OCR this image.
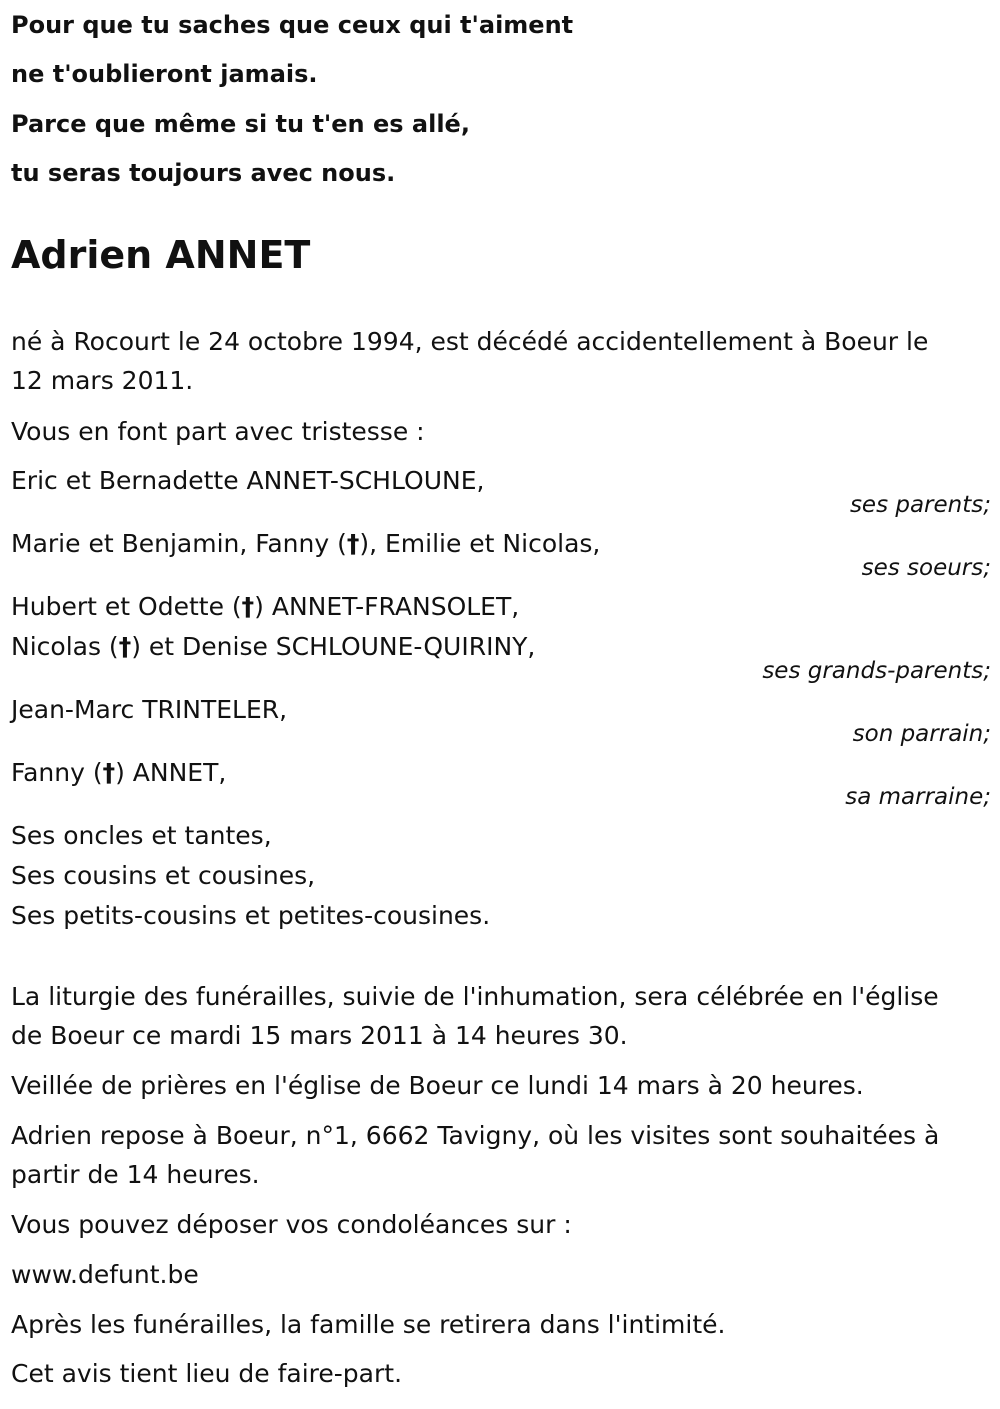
Pour que tu saches que ceux qui t'aiment
ne t'oublieront jamais.
Parce que même si tu t'en es allé,
tu seras toujours avec nous.
Adrien ANNET
né à Rocourt le 24 octobre 1994, est décédé accidentellement à Boeur le
12 mars 2011.
Vous en font part avec tristesse :
Eric et Bernadette ANNET-SCHLOUNE,
ses parents;
Marie et Benjamin, Fanny (†), Emilie et Nicolas,
ses soeurs;
Hubert et Odette (†) ANNET-FRANSOLET,
Nicolas (†) et Denise SCHLOUNE-QUIRINY,
ses grands-parents;
Jean-Marc TRINTELER,
son parrain;
Fanny (†) ANNET,
sa marraine;
Ses oncles et tantes,
Ses cousins et cousines,
Ses petits-cousins et petites-cousines.
La liturgie des funérailles, suivie de l'inhumation, sera célébrée en l'église
de Boeur ce mardi 15 mars 2011 à 14 heures 30.
Veillée de prières en l'église de Boeur ce lundi 14 mars à 20 heures.
Adrien repose à Boeur, n°1, 6662 Tavigny, où les visites sont souhaitées à
partir de 14 heures.
Vous pouvez déposer vos condoléances sur :
www.defunt.be
Après les funérailles, la famille se retirera dans l'intimité.
Cet avis tient lieu de faire-part.
